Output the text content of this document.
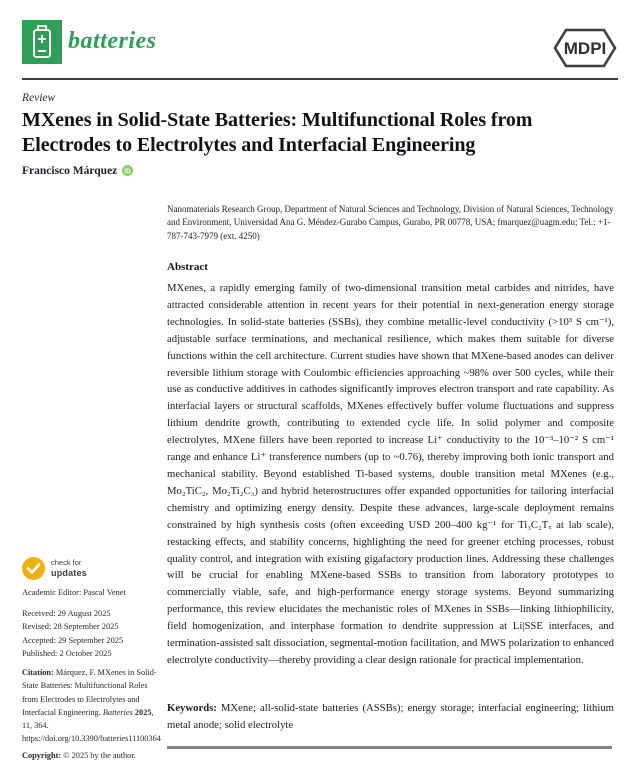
batteries	MDPI
Review
MXenes in Solid-State Batteries: Multifunctional Roles from Electrodes to Electrolytes and Interfacial Engineering
Francisco Márquez iD

Nanomaterials Research Group, Department of Natural Sciences and Technology, Division of Natural Sciences, Technology and Environment, Universidad Ana G. Méndez-Gurabo Campus, Gurabo, PR 00778, USA; fmarquez@uagm.edu; Tel.: +1-787-743-7979 (ext. 4250)

Abstract

MXenes, a rapidly emerging family of two-dimensional transition metal carbides and nitrides, have attracted considerable attention in recent years for their potential in next-generation energy storage technologies. In solid-state batteries (SSBs), they combine metallic-level conductivity (>10³ S cm⁻¹), adjustable surface terminations, and mechanical resilience, which makes them suitable for diverse functions within the cell architecture. Current studies have shown that MXene-based anodes can deliver reversible lithium storage with Coulombic efficiencies approaching ~98% over 500 cycles, while their use as conductive additives in cathodes significantly improves electron transport and rate capability. As interfacial layers or structural scaffolds, MXenes effectively buffer volume fluctuations and suppress lithium dendrite growth, contributing to extended cycle life. In solid polymer and composite electrolytes, MXene fillers have been reported to increase Li⁺ conductivity to the 10⁻³–10⁻² S cm⁻¹ range and enhance Li⁺ transference numbers (up to ~0.76), thereby improving both ionic transport and mechanical stability. Beyond established Ti-based systems, double transition metal MXenes (e.g., Mo₂TiC₂, Mo₂Ti₂C₃) and hybrid heterostructures offer expanded opportunities for tailoring interfacial chemistry and optimizing energy density. Despite these advances, large-scale deployment remains constrained by high synthesis costs (often exceeding USD 200–400 kg⁻¹ for Ti₃C₂Tₓ at lab scale), restacking effects, and stability concerns, highlighting the need for greener etching processes, robust quality control, and integration with existing gigafactory production lines. Addressing these challenges will be crucial for enabling MXene-based SSBs to transition from laboratory prototypes to commercially viable, safe, and high-performance energy storage systems. Beyond summarizing performance, this review elucidates the mechanistic roles of MXenes in SSBs—linking lithiophilicity, field homogenization, and interphase formation to dendrite suppression at Li|SSE interfaces, and termination-assisted salt dissociation, segmental-motion facilitation, and MWS polarization to enhanced electrolyte conductivity—thereby providing a clear design rationale for practical implementation.

Keywords: MXene; all-solid-state batteries (ASSBs); energy storage; interfacial engineering; lithium metal anode; solid electrolyte

check for
updates
Academic Editor: Pascal Venet
Received: 29 August 2025
Revised: 28 September 2025
Accepted: 29 September 2025
Published: 2 October 2025

Citation: Márquez, F. MXenes in Solid-State Batteries: Multifunctional Roles from Electrodes to Electrolytes and Interfacial Engineering. Batteries 2025, 11, 364. https://doi.org/10.3390/batteries11100364

Copyright: © 2025 by the author.
